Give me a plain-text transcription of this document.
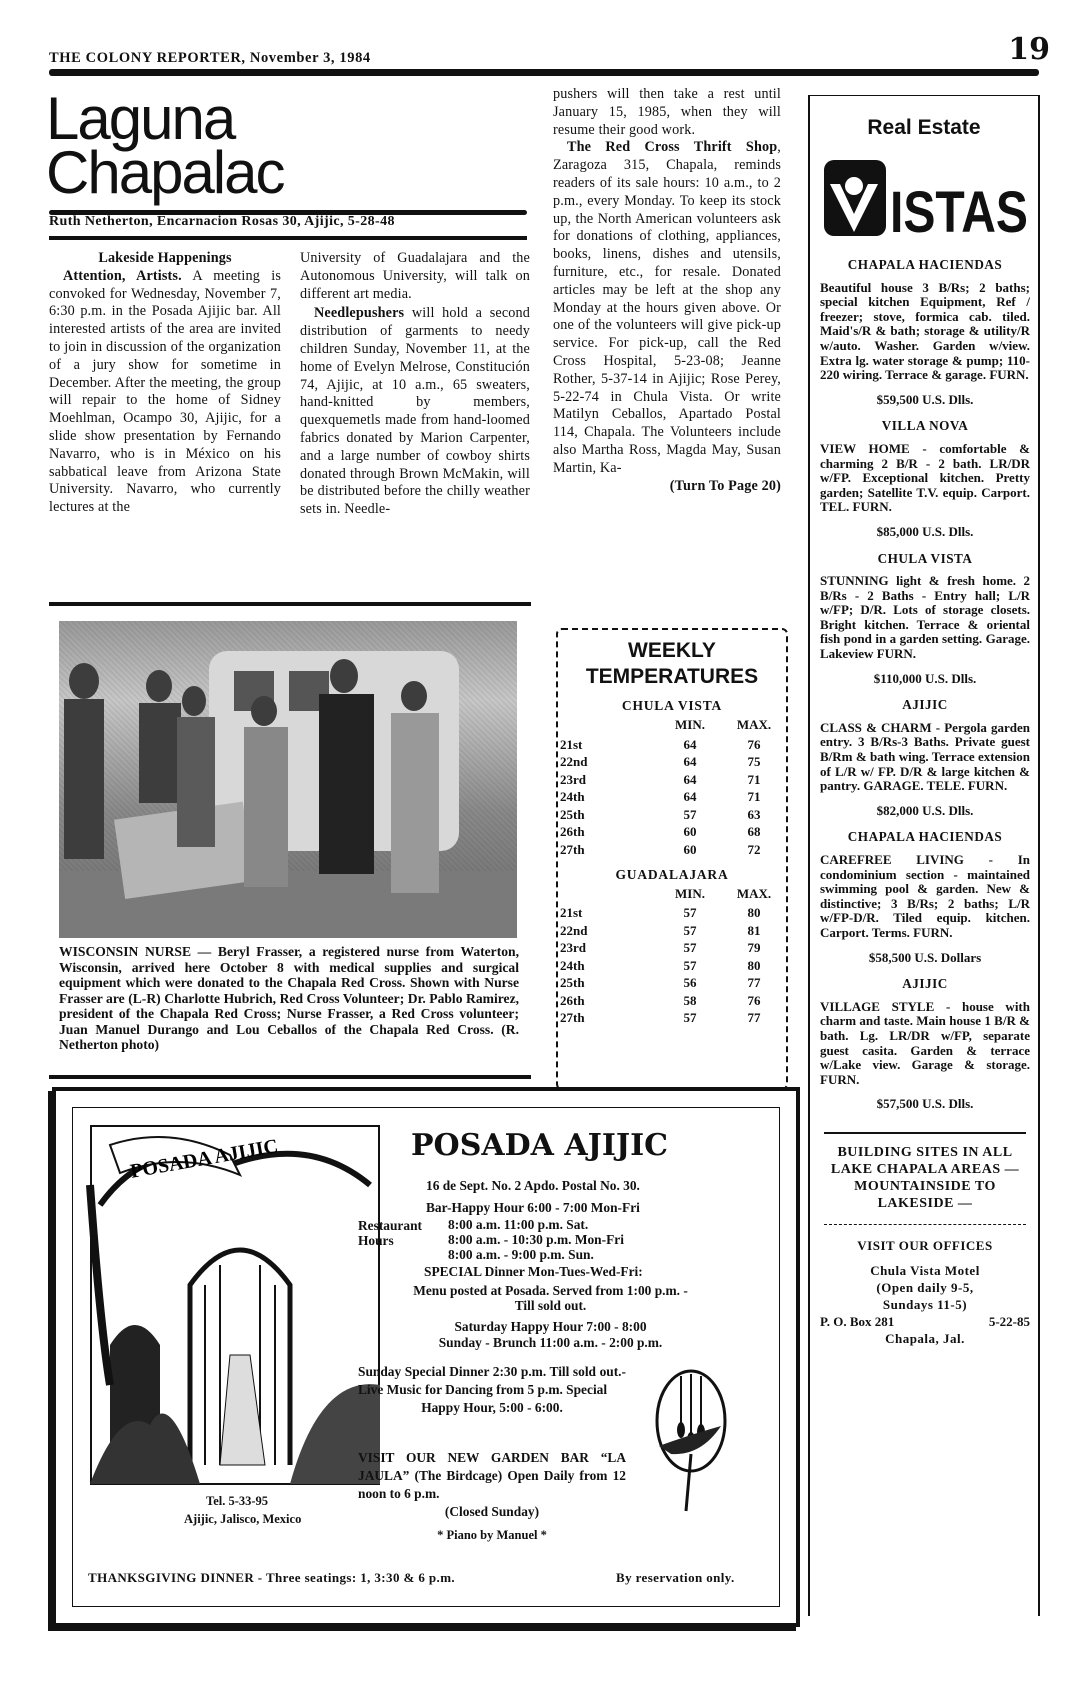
THE COLONY REPORTER, November 3, 1984	19
Laguna
Chapalac
Ruth Netherton, Encarnacion Rosas 30, Ajijic, 5-28-48
Lakeside Happenings

Attention, Artists. A meeting is convoked for Wednesday, November 7, 6:30 p.m. in the Posada Ajijic bar. All interested artists of the area are invited to join in discussion of the organization of a jury show for sometime in December. After the meeting, the group will repair to the home of Sidney Moehlman, Ocampo 30, Ajijic, for a slide show presentation by Fernando Navarro, who is in México on his sabbatical leave from Arizona State University. Navarro, who currently lectures at the

University of Guadalajara and the Autonomous University, will talk on different art media.

Needlepushers will hold a second distribution of garments to needy children Sunday, November 11, at the home of Evelyn Melrose, Constitución 74, Ajijic, at 10 a.m., 65 sweaters, hand-knitted by members, quexquemetls made from hand-loomed fabrics donated by Marion Carpenter, and a large number of cowboy shirts donated through Brown McMakin, will be distributed before the chilly weather sets in. Needle-

pushers will then take a rest until January 15, 1985, when they will resume their good work.

The Red Cross Thrift Shop, Zaragoza 315, Chapala, reminds readers of its sale hours: 10 a.m., to 2 p.m., every Monday. To keep its stock up, the North American volunteers ask for donations of clothing, appliances, books, linens, dishes and utensils, furniture, etc., for resale. Donated articles may be left at the shop any Monday at the hours given above. Or one of the volunteers will give pick-up service. For pick-up, call the Red Cross Hospital, 5-23-08; Jeanne Rother, 5-37-14 in Ajijic; Rose Perey, 5-22-74 in Chula Vista. Or write Matilyn Ceballos, Apartado Postal 114, Chapala. The Volunteers include also Martha Ross, Magda May, Susan Martin, Ka-

(Turn To Page 20)
WISCONSIN NURSE — Beryl Frasser, a registered nurse from Waterton, Wisconsin, arrived here October 8 with medical supplies and surgical equipment which were donated to the Chapala Red Cross. Shown with Nurse Frasser are (L-R) Charlotte Hubrich, Red Cross Volunteer; Dr. Pablo Ramirez, president of the Chapala Red Cross; Nurse Frasser, a Red Cross volunteer; Juan Manuel Durango and Lou Ceballos of the Chapala Red Cross. (R. Netherton photo)
WEEKLY
TEMPERATURES
CHULA VISTA
	MIN.	MAX.
21st	64	76
22nd	64	75
23rd	64	71
24th	64	71
25th	57	63
26th	60	68
27th	60	72
GUADALAJARA
	MIN.	MAX.
21st	57	80
22nd	57	81
23rd	57	79
24th	57	80
25th	56	77
26th	58	76
27th	57	77
POSADA AJIJIC
Tel. 5-33-95
Ajijic, Jalisco, Mexico
POSADA AJIJIC
16 de Sept. No. 2 Apdo. Postal No. 30.
Bar-Happy Hour 6:00 - 7:00 Mon-Fri
Restaurant
Hours
8:00 a.m. 11:00 p.m. Sat.
8:00 a.m. - 10:30 p.m. Mon-Fri
8:00 a.m. - 9:00 p.m. Sun.
SPECIAL Dinner Mon-Tues-Wed-Fri:
Menu posted at Posada. Served from 1:00 p.m. -
Till sold out.
Saturday Happy Hour 7:00 - 8:00
Sunday - Brunch 11:00 a.m. - 2:00 p.m.
Sunday Special Dinner 2:30 p.m. Till sold out.-Live Music for Dancing from 5 p.m. Special
Happy Hour, 5:00 - 6:00.
VISIT OUR NEW GARDEN BAR “LA JAULA” (The Birdcage) Open Daily from 12 noon to 6 p.m.
(Closed Sunday)
* Piano by Manuel *
THANKSGIVING DINNER - Three seatings: 1, 3:30 & 6 p.m.	By reservation only.
Real Estate
ISTAS
CHAPALA HACIENDAS
Beautiful house 3 B/Rs; 2 baths; special kitchen Equipment, Ref / freezer; stove, formica cab. tiled. Maid's/R & bath; storage & utility/R w/auto. Washer. Garden w/view. Extra lg. water storage & pump; 110-220 wiring. Terrace & garage. FURN.
$59,500 U.S. Dlls.
VILLA NOVA
VIEW HOME - comfortable & charming 2 B/R - 2 bath. LR/DR w/FP. Exceptional kitchen. Pretty garden; Satellite T.V. equip. Carport. TEL. FURN.
$85,000 U.S. Dlls.
CHULA VISTA
STUNNING light & fresh home. 2 B/Rs - 2 Baths - Entry hall; L/R w/FP; D/R. Lots of storage closets. Bright kitchen. Terrace & oriental fish pond in a garden setting. Garage. Lakeview FURN.
$110,000 U.S. Dlls.
AJIJIC
CLASS & CHARM - Pergola garden entry. 3 B/Rs-3 Baths. Private guest B/Rm & bath wing. Terrace extension of L/R w/ FP. D/R & large kitchen & pantry. GARAGE. TELE. FURN.
$82,000 U.S. Dlls.
CHAPALA HACIENDAS
CAREFREE LIVING - In condominium section - maintained swimming pool & garden. New & distinctive; 3 B/Rs; 2 baths; L/R w/FP-D/R. Tiled equip. kitchen. Carport. Terms. FURN.
$58,500 U.S. Dollars
AJIJIC
VILLAGE STYLE - house with charm and taste. Main house 1 B/R & bath. Lg. LR/DR w/FP, separate guest casita. Garden & terrace w/Lake view. Garage & storage. FURN.
$57,500 U.S. Dlls.
BUILDING SITES IN ALL LAKE CHAPALA AREAS — MOUNTAINSIDE TO LAKESIDE —
VISIT OUR OFFICES
Chula Vista Motel
(Open daily 9-5, Sundays 11-5)
P. O. Box 281	5-22-85
Chapala, Jal.
